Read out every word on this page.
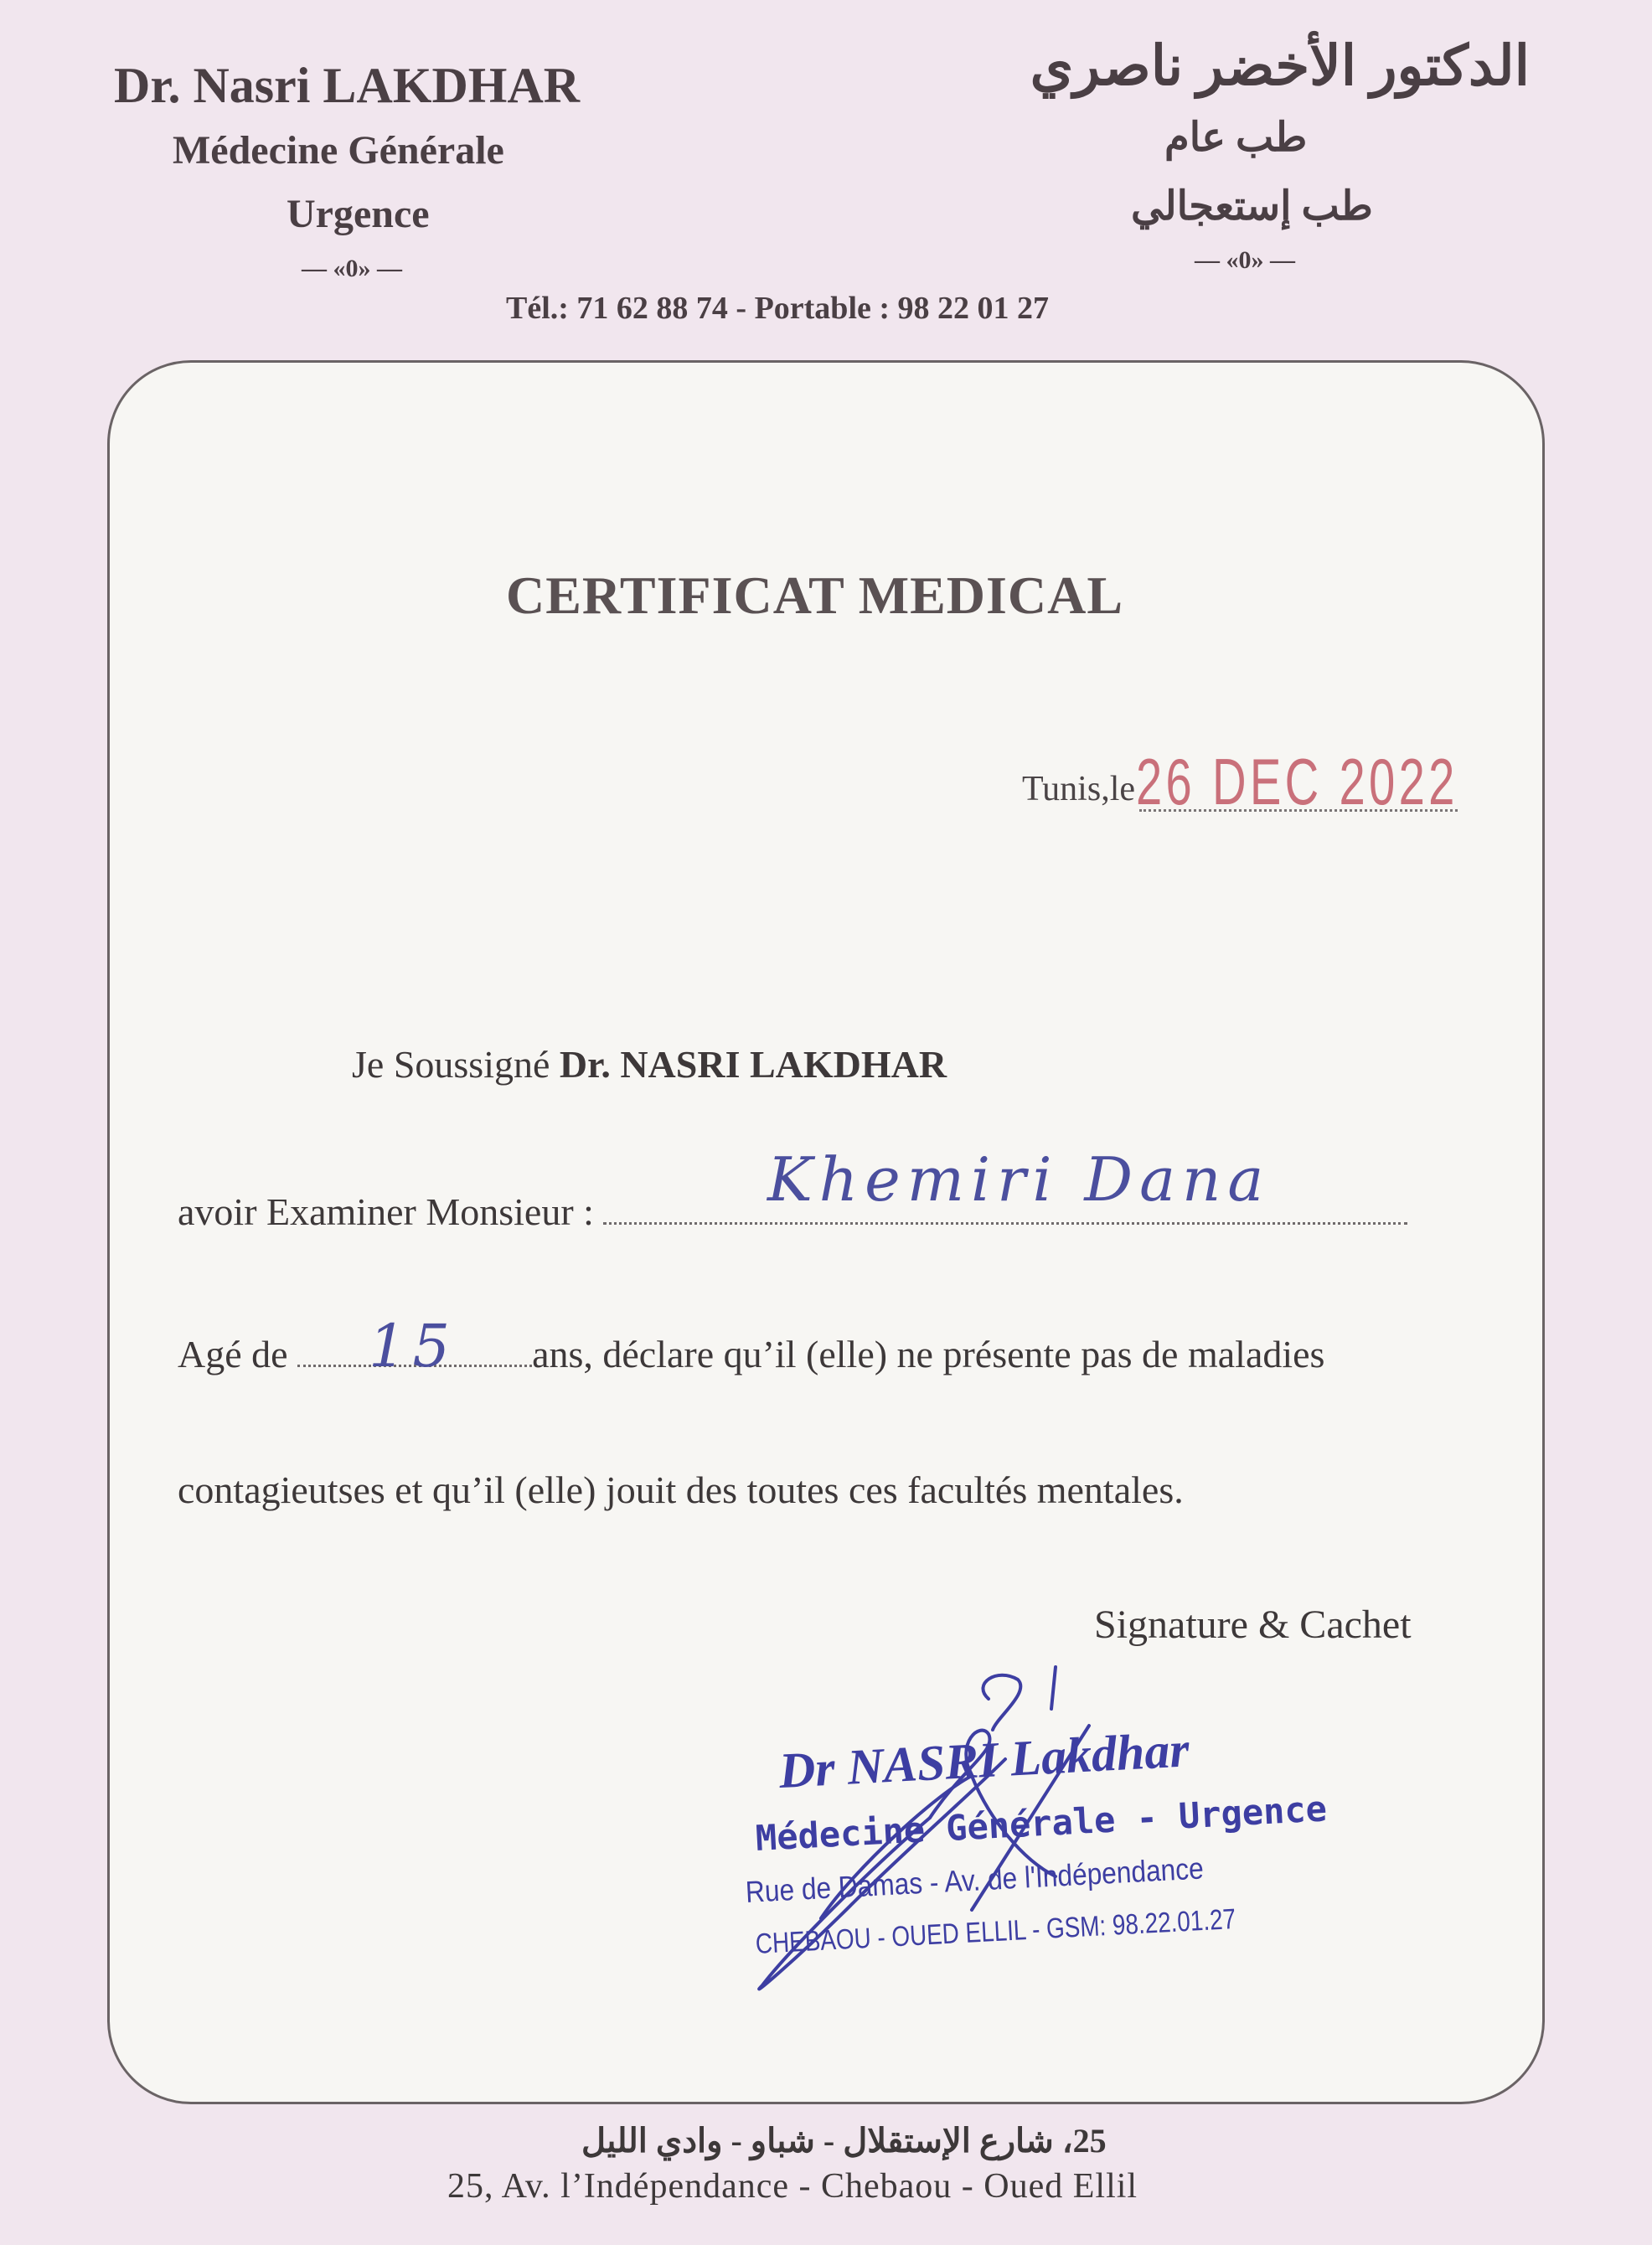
Dr. Nasri LAKDHAR
Médecine Générale
Urgence
— «0» —
الدكتور الأخضر ناصري
طب عام
طب إستعجالي
— «0» —
Tél.: 71 62 88 74 - Portable : 98 22 01 27
CERTIFICAT MEDICAL
Tunis,le 26 DEC 2022
Je Soussigné Dr. NASRI LAKDHAR
avoir Examiner Monsieur :	Khemiri Dana
Agé de	ans, déclare qu’il (elle) ne présente pas de maladies
15
contagieutses et qu’il (elle) jouit des toutes ces facultés mentales.
Signature & Cachet
Dr NASRI Lakdhar
Médecine Générale - Urgence
Rue de Damas - Av. de l'Indépendance
CHEBAOU - OUED ELLIL - GSM: 98.22.01.27
25، شارع الإستقلال - شباو - وادي الليل
25, Av. l’Indépendance - Chebaou - Oued Ellil
